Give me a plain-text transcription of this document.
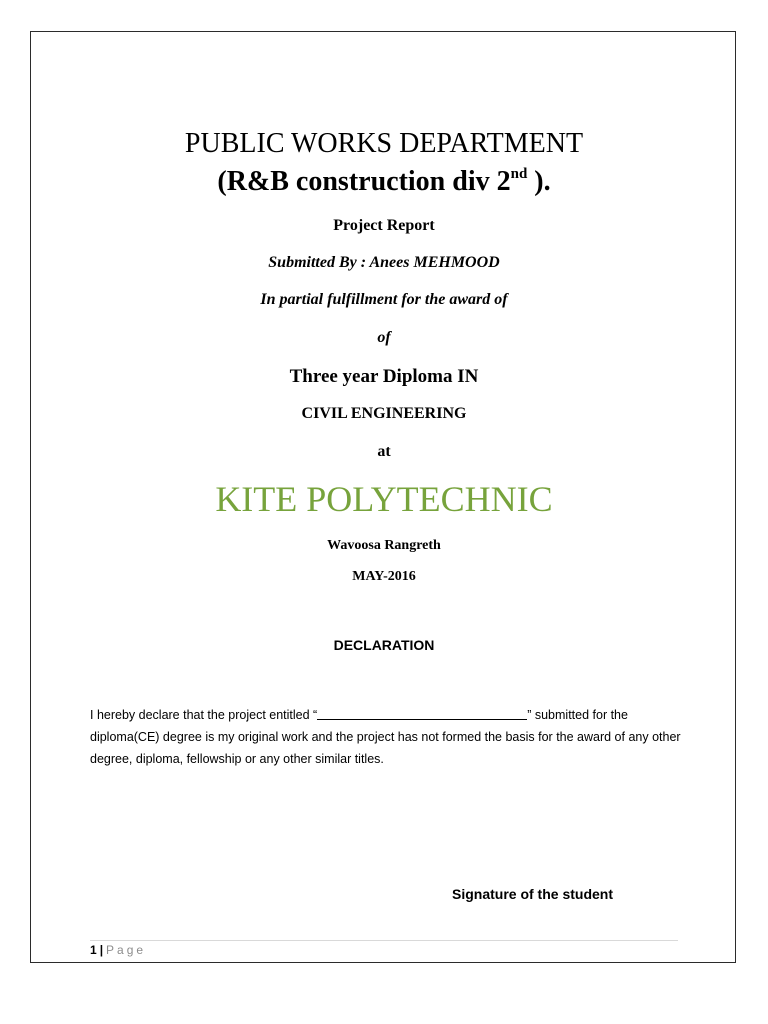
PUBLIC WORKS DEPARTMENT
(R&B construction div 2nd ).
Project Report
Submitted By : Anees MEHMOOD
In partial fulfillment for the award of
of
Three year Diploma IN
CIVIL ENGINEERING
at
KITE POLYTECHNIC
Wavoosa Rangreth
MAY-2016
DECLARATION
I hereby declare that the project entitled “	” submitted for the diploma(CE) degree is my original work and the project has not formed the basis for the award of any other degree, diploma, fellowship or any other similar titles.
Signature of the student
1 | Page
